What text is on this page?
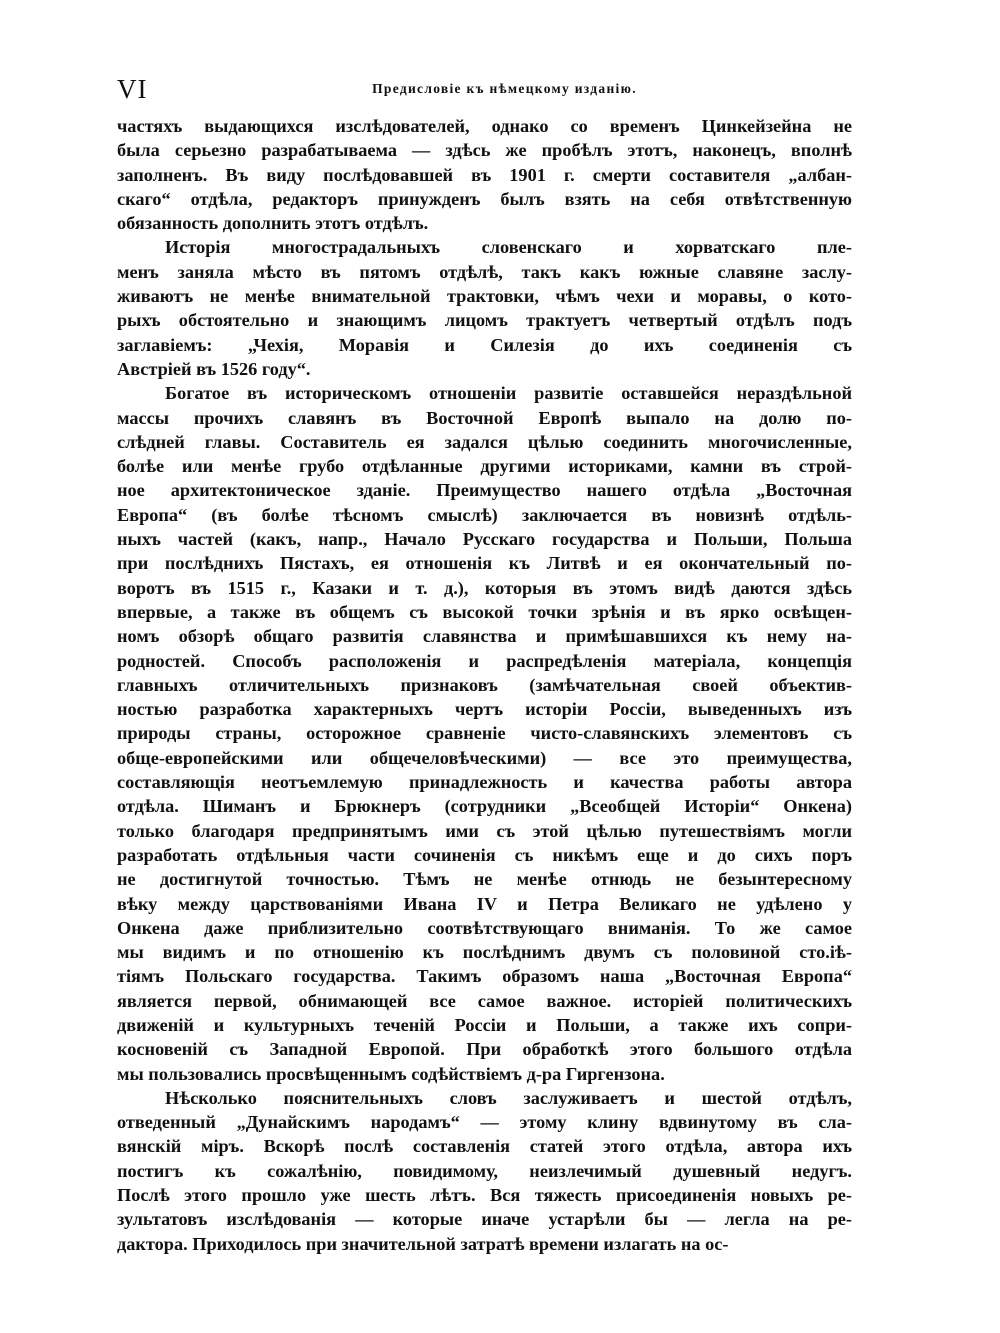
VI	Предисловіе къ нѣмецкому изданію.
частяхъ выдающихся изслѣдователей, однако со временъ Цинкейзейна не
была серьезно разрабатываема — здѣсь же пробѣлъ этотъ, наконецъ, вполнѣ
заполненъ. Въ виду послѣдовавшей въ 1901 г. смерти составителя „албан-
скаго“ отдѣла, редакторъ принужденъ былъ взять на себя отвѣтственную
обязанность дополнить этотъ отдѣлъ.
Исторія многострадальныхъ словенскаго и хорватскаго пле-
менъ заняла мѣсто въ пятомъ отдѣлѣ, такъ какъ южные славяне заслу-
живаютъ не менѣе внимательной трактовки, чѣмъ чехи и моравы, о кото-
рыхъ обстоятельно и знающимъ лицомъ трактуетъ четвертый отдѣлъ подъ
заглавіемъ: „Чехія, Моравія и Силезія до ихъ соединенія съ
Австріей въ 1526 году“.
Богатое въ историческомъ отношеніи развитіе оставшейся нераздѣльной
массы прочихъ славянъ въ Восточной Европѣ выпало на долю по-
слѣдней главы. Составитель ея задался цѣлью соединить многочисленные,
болѣе или менѣе грубо отдѣланные другими историками, камни въ строй-
ное архитектоническое зданіе. Преимущество нашего отдѣла „Восточная
Европа“ (въ болѣе тѣсномъ смыслѣ) заключается въ новизнѣ отдѣль-
ныхъ частей (какъ, напр., Начало Русскаго государства и Польши, Польша
при послѣднихъ Пястахъ, ея отношенія къ Литвѣ и ея окончательный по-
воротъ въ 1515 г., Казаки и т. д.), которыя въ этомъ видѣ даются здѣсь
впервые, а также въ общемъ съ высокой точки зрѣнія и въ ярко освѣщен-
номъ обзорѣ общаго развитія славянства и примѣшавшихся къ нему на-
родностей. Способъ расположенія и распредѣленія матеріала, концепція
главныхъ отличительныхъ признаковъ (замѣчательная своей объектив-
ностью разработка характерныхъ чертъ исторіи Россіи, выведенныхъ изъ
природы страны, осторожное сравненіе чисто-славянскихъ элементовъ съ
обще-европейскими или общечеловѣческими) — все это преимущества,
составляющія неотъемлемую принадлежность и качества работы автора
отдѣла. Шиманъ и Брюкнеръ (сотрудники „Всеобщей Исторіи“ Онкена)
только благодаря предпринятымъ ими съ этой цѣлью путешествіямъ могли
разработать отдѣльныя части сочиненія съ никѣмъ еще и до сихъ поръ
не достигнутой точностью. Тѣмъ не менѣе отнюдь не безынтересному
вѣку между царствованіями Ивана IV и Петра Великаго не удѣлено у
Онкена даже приблизительно соотвѣтствующаго вниманія. То же самое
мы видимъ и по отношенію къ послѣднимъ двумъ съ половиной сто.іѣ-
тіямъ Польскаго государства. Такимъ образомъ наша „Восточная Европа“
является первой, обнимающей все самое важное. исторіей политическихъ
движеній и культурныхъ теченій Россіи и Польши, а также ихъ сопри-
косновеній съ Западной Европой. При обработкѣ этого большого отдѣла
мы пользовались просвѣщеннымъ содѣйствіемъ д-ра Гиргензона.
Нѣсколько пояснительныхъ словъ заслуживаетъ и шестой отдѣлъ,
отведенный „Дунайскимъ народамъ“ — этому клину вдвинутому въ сла-
вянскій міръ. Вскорѣ послѣ составленія статей этого отдѣла, автора ихъ
постигъ къ сожалѣнію, повидимому, неизлечимый душевный недугъ.
Послѣ этого прошло уже шесть лѣтъ. Вся тяжесть присоединенія новыхъ ре-
зультатовъ изслѣдованія — которые иначе устарѣли бы — легла на ре-
дактора. Приходилось при значительной затратѣ времени излагать на ос-
